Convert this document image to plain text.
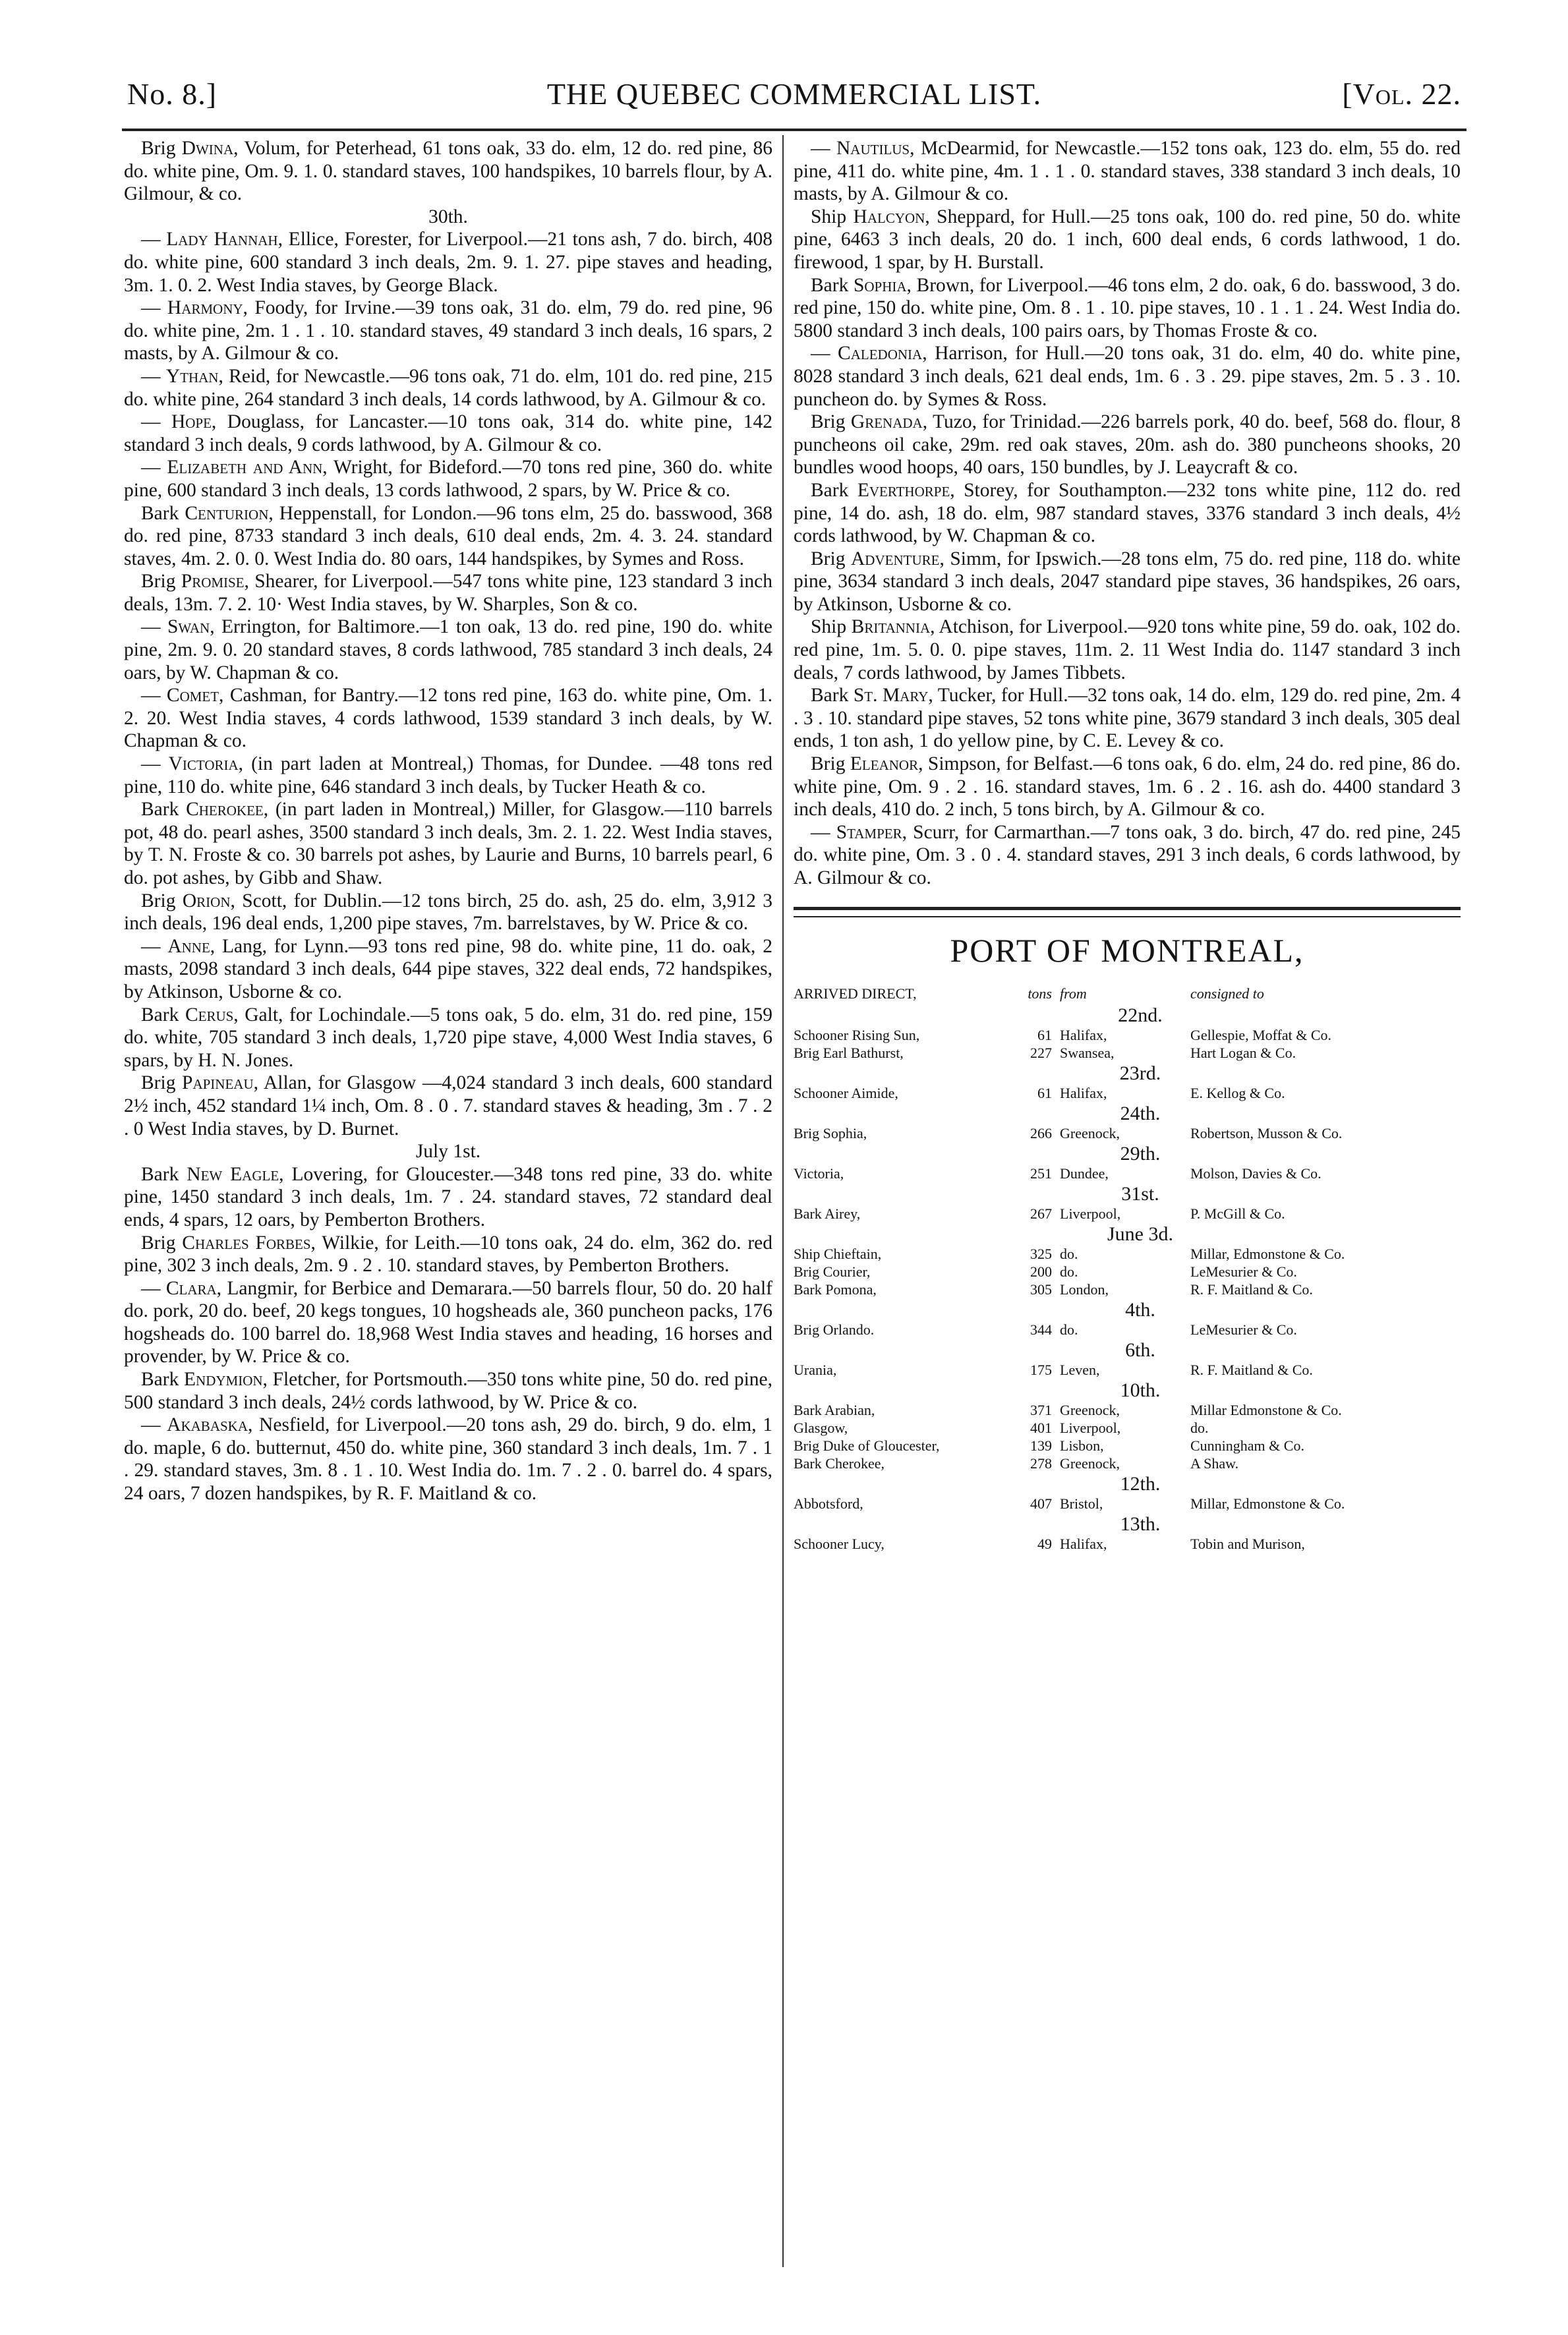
No. 8.]	THE QUEBEC COMMERCIAL LIST.	[Vol. 22.

Brig Dwina, Volum, for Peterhead, 61 tons oak, 33 do. elm, 12 do. red pine, 86 do. white pine, Om. 9. 1. 0. standard staves, 100 handspikes, 10 barrels flour, by A. Gilmour, & co.

30th.

— Lady Hannah, Ellice, Forester, for Liverpool.—21 tons ash, 7 do. birch, 408 do. white pine, 600 standard 3 inch deals, 2m. 9. 1. 27. pipe staves and heading, 3m. 1. 0. 2. West India staves, by George Black.

— Harmony, Foody, for Irvine.—39 tons oak, 31 do. elm, 79 do. red pine, 96 do. white pine, 2m. 1 . 1 . 10. standard staves, 49 standard 3 inch deals, 16 spars, 2 masts, by A. Gilmour & co.

— Ythan, Reid, for Newcastle.—96 tons oak, 71 do. elm, 101 do. red pine, 215 do. white pine, 264 standard 3 inch deals, 14 cords lathwood, by A. Gilmour & co.

— Hope, Douglass, for Lancaster.—10 tons oak, 314 do. white pine, 142 standard 3 inch deals, 9 cords lathwood, by A. Gilmour & co.

— Elizabeth and Ann, Wright, for Bideford.—70 tons red pine, 360 do. white pine, 600 standard 3 inch deals, 13 cords lathwood, 2 spars, by W. Price & co.

Bark Centurion, Heppenstall, for London.—96 tons elm, 25 do. basswood, 368 do. red pine, 8733 standard 3 inch deals, 610 deal ends, 2m. 4. 3. 24. standard staves, 4m. 2. 0. 0. West India do. 80 oars, 144 handspikes, by Symes and Ross.

Brig Promise, Shearer, for Liverpool.—547 tons white pine, 123 standard 3 inch deals, 13m. 7. 2. 10· West India staves, by W. Sharples, Son & co.

— Swan, Errington, for Baltimore.—1 ton oak, 13 do. red pine, 190 do. white pine, 2m. 9. 0. 20 standard staves, 8 cords lathwood, 785 standard 3 inch deals, 24 oars, by W. Chapman & co.

— Comet, Cashman, for Bantry.—12 tons red pine, 163 do. white pine, Om. 1. 2. 20. West India staves, 4 cords lathwood, 1539 standard 3 inch deals, by W. Chapman & co.

— Victoria, (in part laden at Montreal,) Thomas, for Dundee. —48 tons red pine, 110 do. white pine, 646 standard 3 inch deals, by Tucker Heath & co.

Bark Cherokee, (in part laden in Montreal,) Miller, for Glasgow.—110 barrels pot, 48 do. pearl ashes, 3500 standard 3 inch deals, 3m. 2. 1. 22. West India staves, by T. N. Froste & co. 30 barrels pot ashes, by Laurie and Burns, 10 barrels pearl, 6 do. pot ashes, by Gibb and Shaw.

Brig Orion, Scott, for Dublin.—12 tons birch, 25 do. ash, 25 do. elm, 3,912 3 inch deals, 196 deal ends, 1,200 pipe staves, 7m. barrelstaves, by W. Price & co.

— Anne, Lang, for Lynn.—93 tons red pine, 98 do. white pine, 11 do. oak, 2 masts, 2098 standard 3 inch deals, 644 pipe staves, 322 deal ends, 72 handspikes, by Atkinson, Usborne & co.

Bark Cerus, Galt, for Lochindale.—5 tons oak, 5 do. elm, 31 do. red pine, 159 do. white, 705 standard 3 inch deals, 1,720 pipe stave, 4,000 West India staves, 6 spars, by H. N. Jones.

Brig Papineau, Allan, for Glasgow —4,024 standard 3 inch deals, 600 standard 2½ inch, 452 standard 1¼ inch, Om. 8 . 0 . 7. standard staves & heading, 3m . 7 . 2 . 0 West India staves, by D. Burnet.

July 1st.

Bark New Eagle, Lovering, for Gloucester.—348 tons red pine, 33 do. white pine, 1450 standard 3 inch deals, 1m. 7 . 24. standard staves, 72 standard deal ends, 4 spars, 12 oars, by Pemberton Brothers.

Brig Charles Forbes, Wilkie, for Leith.—10 tons oak, 24 do. elm, 362 do. red pine, 302 3 inch deals, 2m. 9 . 2 . 10. standard staves, by Pemberton Brothers.

— Clara, Langmir, for Berbice and Demarara.—50 barrels flour, 50 do. 20 half do. pork, 20 do. beef, 20 kegs tongues, 10 hogsheads ale, 360 puncheon packs, 176 hogsheads do. 100 barrel do. 18,968 West India staves and heading, 16 horses and provender, by W. Price & co.

Bark Endymion, Fletcher, for Portsmouth.—350 tons white pine, 50 do. red pine, 500 standard 3 inch deals, 24½ cords lathwood, by W. Price & co.

— Akabaska, Nesfield, for Liverpool.—20 tons ash, 29 do. birch, 9 do. elm, 1 do. maple, 6 do. butternut, 450 do. white pine, 360 standard 3 inch deals, 1m. 7 . 1 . 29. standard staves, 3m. 8 . 1 . 10. West India do. 1m. 7 . 2 . 0. barrel do. 4 spars, 24 oars, 7 dozen handspikes, by R. F. Maitland & co.

— Nautilus, McDearmid, for Newcastle.—152 tons oak, 123 do. elm, 55 do. red pine, 411 do. white pine, 4m. 1 . 1 . 0. standard staves, 338 standard 3 inch deals, 10 masts, by A. Gilmour & co.

Ship Halcyon, Sheppard, for Hull.—25 tons oak, 100 do. red pine, 50 do. white pine, 6463 3 inch deals, 20 do. 1 inch, 600 deal ends, 6 cords lathwood, 1 do. firewood, 1 spar, by H. Burstall.

Bark Sophia, Brown, for Liverpool.—46 tons elm, 2 do. oak, 6 do. basswood, 3 do. red pine, 150 do. white pine, Om. 8 . 1 . 10. pipe staves, 10 . 1 . 1 . 24. West India do. 5800 standard 3 inch deals, 100 pairs oars, by Thomas Froste & co.

— Caledonia, Harrison, for Hull.—20 tons oak, 31 do. elm, 40 do. white pine, 8028 standard 3 inch deals, 621 deal ends, 1m. 6 . 3 . 29. pipe staves, 2m. 5 . 3 . 10. puncheon do. by Symes & Ross.

Brig Grenada, Tuzo, for Trinidad.—226 barrels pork, 40 do. beef, 568 do. flour, 8 puncheons oil cake, 29m. red oak staves, 20m. ash do. 380 puncheons shooks, 20 bundles wood hoops, 40 oars, 150 bundles, by J. Leaycraft & co.

Bark Everthorpe, Storey, for Southampton.—232 tons white pine, 112 do. red pine, 14 do. ash, 18 do. elm, 987 standard staves, 3376 standard 3 inch deals, 4½ cords lathwood, by W. Chapman & co.

Brig Adventure, Simm, for Ipswich.—28 tons elm, 75 do. red pine, 118 do. white pine, 3634 standard 3 inch deals, 2047 standard pipe staves, 36 handspikes, 26 oars, by Atkinson, Usborne & co.

Ship Britannia, Atchison, for Liverpool.—920 tons white pine, 59 do. oak, 102 do. red pine, 1m. 5. 0. 0. pipe staves, 11m. 2. 11 West India do. 1147 standard 3 inch deals, 7 cords lathwood, by James Tibbets.

Bark St. Mary, Tucker, for Hull.—32 tons oak, 14 do. elm, 129 do. red pine, 2m. 4 . 3 . 10. standard pipe staves, 52 tons white pine, 3679 standard 3 inch deals, 305 deal ends, 1 ton ash, 1 do yellow pine, by C. E. Levey & co.

Brig Eleanor, Simpson, for Belfast.—6 tons oak, 6 do. elm, 24 do. red pine, 86 do. white pine, Om. 9 . 2 . 16. standard staves, 1m. 6 . 2 . 16. ash do. 4400 standard 3 inch deals, 410 do. 2 inch, 5 tons birch, by A. Gilmour & co.

— Stamper, Scurr, for Carmarthan.—7 tons oak, 3 do. birch, 47 do. red pine, 245 do. white pine, Om. 3 . 0 . 4. standard staves, 291 3 inch deals, 6 cords lathwood, by A. Gilmour & co.

PORT OF MONTREAL,
ARRIVED DIRECT,	tons from	consigned to
22nd.
Schooner Rising Sun,	61 Halifax,	Gellespie, Moffat & Co.
Brig Earl Bathurst,	227 Swansea,	Hart Logan & Co.
23rd.
Schooner Aimide,	61 Halifax,	E. Kellog & Co.
24th.
Brig Sophia,	266 Greenock,	Robertson, Musson & Co.
29th.
Victoria,	251 Dundee,	Molson, Davies & Co.
31st.
Bark Airey,	267 Liverpool,	P. McGill & Co.
June 3d.
Ship Chieftain,	325 do.	Millar, Edmonstone & Co.
Brig Courier,	200 do.	LeMesurier & Co.
Bark Pomona,	305 London,	R. F. Maitland & Co.
4th.
Brig Orlando.	344 do.	LeMesurier & Co.
6th.
Urania,	175 Leven,	R. F. Maitland & Co.
10th.
Bark Arabian,	371 Greenock,	Millar Edmonstone & Co.
Glasgow,	401 Liverpool,	do.
Brig Duke of Gloucester,	139 Lisbon,	Cunningham & Co.
Bark Cherokee,	278 Greenock,	A Shaw.
12th.
Abbotsford,	407 Bristol,	Millar, Edmonstone & Co.
13th.
Schooner Lucy,	49 Halifax,	Tobin and Murison,
